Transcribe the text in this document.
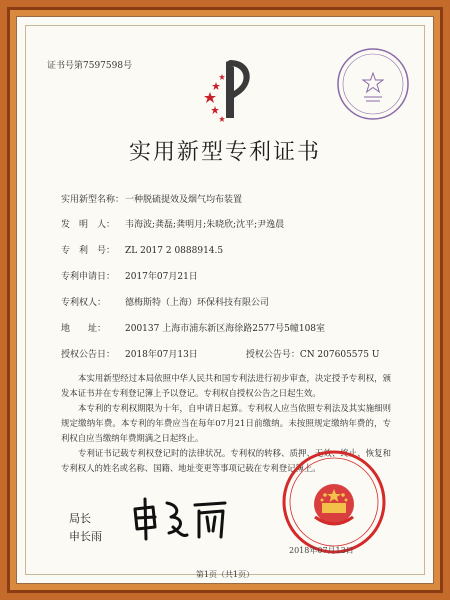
证书号第7597598号
实用新型专利证书
实用新型名称：一种脱硫提效及烟气均布装置
发　明　人： 韦海波;龚磊;龚明月;朱晓欣;沈平;尹逸晨
专　利　号： ZL 2017 2 0888914.5
专利申请日： 2017年07月21日
专利权人： 德梅斯特（上海）环保科技有限公司
地　　址： 200137 上海市浦东新区海徐路2577号5幢108室
授权公告日： 2018年07月13日	授权公告号：CN 207605575 U
本实用新型经过本局依照中华人民共和国专利法进行初步审查，决定授予专利权，颁发本证书并在专利登记簿上予以登记。专利权自授权公告之日起生效。
本专利的专利权期限为十年，自申请日起算。专利权人应当依照专利法及其实施细则规定缴纳年费。本专利的年费应当在每年07月21日前缴纳。未按照规定缴纳年费的，专利权自应当缴纳年费期满之日起终止。
专利证书记载专利权登记时的法律状况。专利权的转移、质押、无效、终止、恢复和专利权人的姓名或名称、国籍、地址变更等事项记载在专利登记簿上。
局长
申长雨
2018年07月13日
第1页（共1页）
